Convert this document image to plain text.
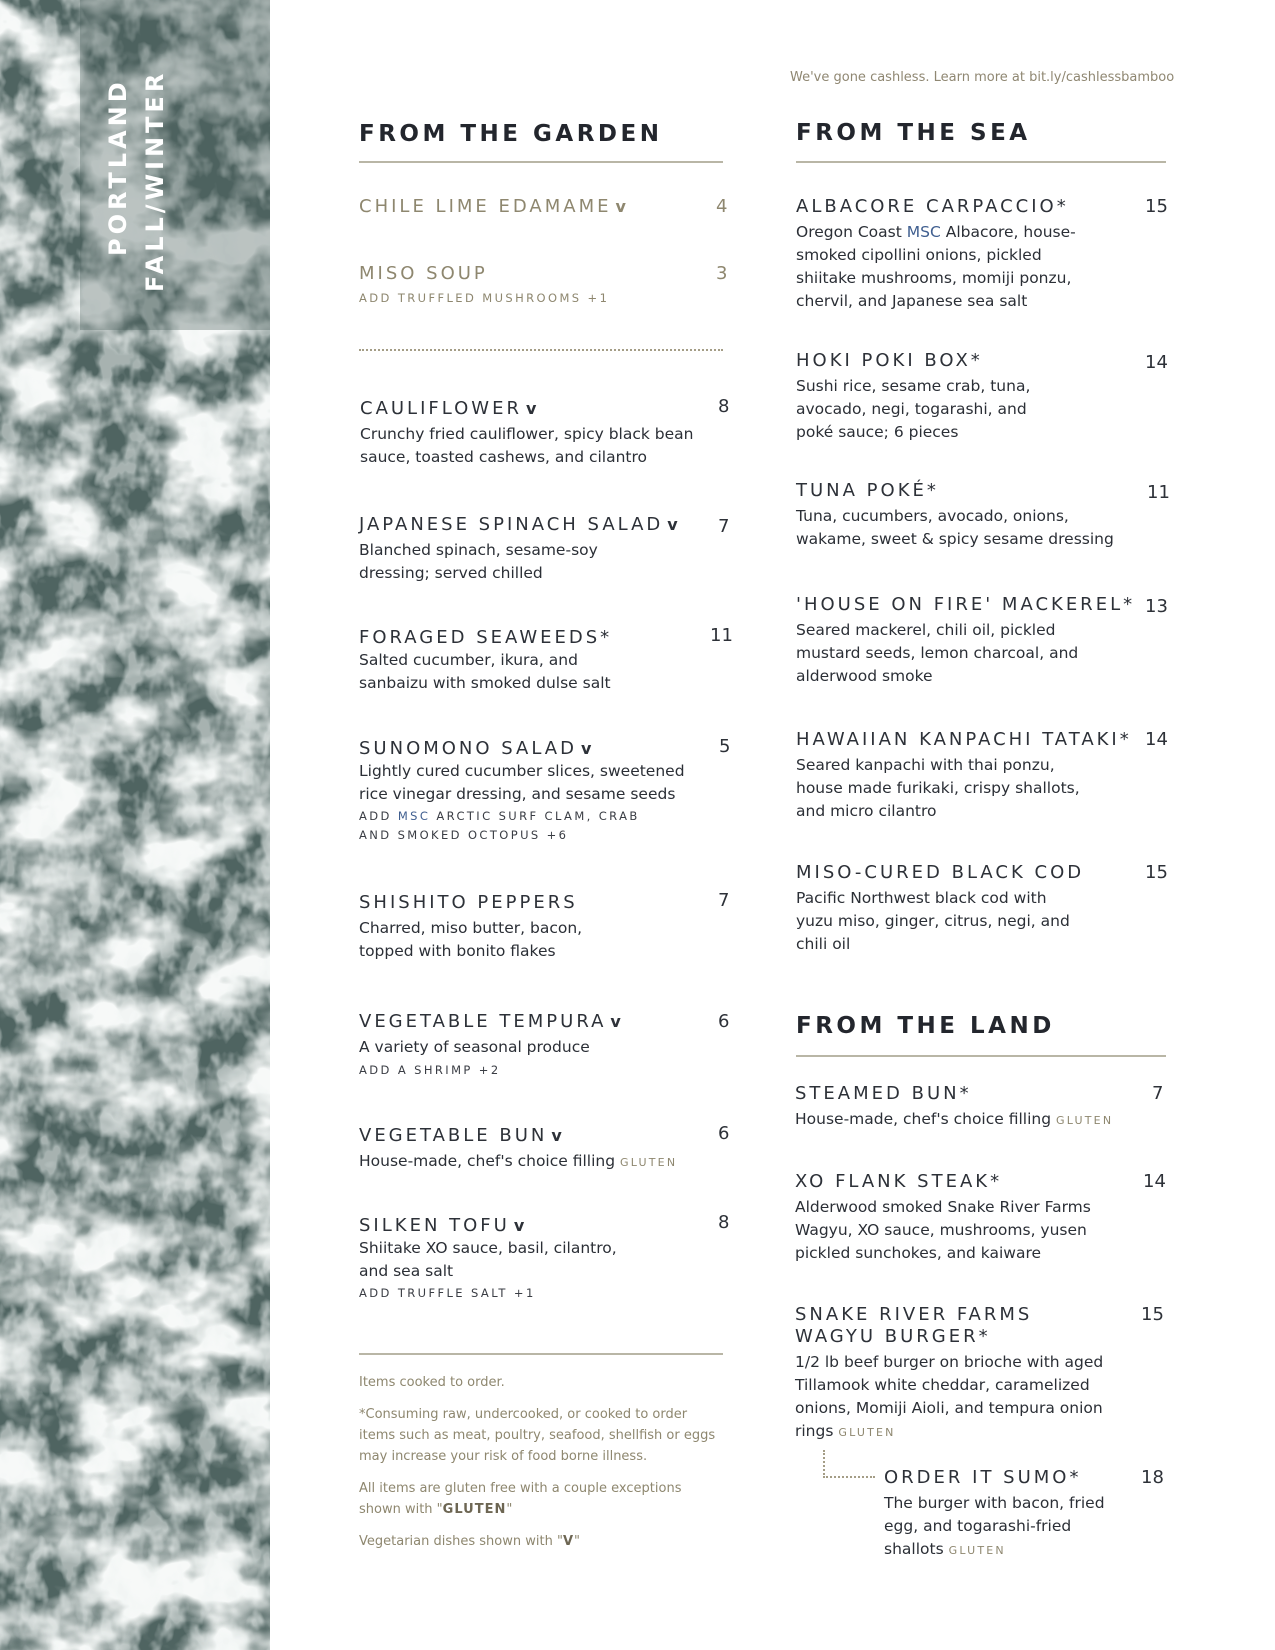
PORTLAND FALL/WINTER	We've gone cashless. Learn more at bit.ly/cashlessbamboo
FROM THE GARDEN
CHILE LIME EDAMAME v	4
MISO SOUP
ADD TRUFFLED MUSHROOMS +1
3
CAULIFLOWER v
Crunchy fried cauliflower, spicy black bean sauce, toasted cashews, and cilantro
8
JAPANESE SPINACH SALAD v
Blanched spinach, sesame-soy
dressing; served chilled
7
FORAGED SEAWEEDS*
Salted cucumber, ikura, and
sanbaizu with smoked dulse salt
11
SUNOMONO SALAD v
Lightly cured cucumber slices, sweetened
rice vinegar dressing, and sesame seeds
ADD MSC ARCTIC SURF CLAM, CRAB
AND SMOKED OCTOPUS +6
5
SHISHITO PEPPERS
Charred, miso butter, bacon,
topped with bonito flakes
7
VEGETABLE TEMPURA v
A variety of seasonal produce
ADD A SHRIMP +2
6
VEGETABLE BUN v
House-made, chef's choice filling GLUTEN
6
SILKEN TOFU v
Shiitake XO sauce, basil, cilantro,
and sea salt
ADD TRUFFLE SALT +1
8
Items cooked to order.
*Consuming raw, undercooked, or cooked to order items such as meat, poultry, seafood, shellfish or eggs may increase your risk of food borne illness.
All items are gluten free with a couple exceptions shown with "GLUTEN"
Vegetarian dishes shown with "V"
FROM THE SEA
ALBACORE CARPACCIO*
Oregon Coast MSC Albacore, house-smoked cipollini onions, pickled shiitake mushrooms, momiji ponzu, chervil, and Japanese sea salt
15
HOKI POKI BOX*
Sushi rice, sesame crab, tuna, avocado, negi, togarashi, and poké sauce; 6 pieces
14
TUNA POKÉ*
Tuna, cucumbers, avocado, onions, wakame, sweet & spicy sesame dressing
11
'HOUSE ON FIRE' MACKEREL*
Seared mackerel, chili oil, pickled mustard seeds, lemon charcoal, and alderwood smoke
13
HAWAIIAN KANPACHI TATAKI*
Seared kanpachi with thai ponzu, house made furikaki, crispy shallots, and micro cilantro
14
MISO-CURED BLACK COD
Pacific Northwest black cod with yuzu miso, ginger, citrus, negi, and chili oil
15
FROM THE LAND
STEAMED BUN*
House-made, chef's choice filling GLUTEN
7
XO FLANK STEAK*
Alderwood smoked Snake River Farms Wagyu, XO sauce, mushrooms, yusen pickled sunchokes, and kaiware
14
SNAKE RIVER FARMS
WAGYU BURGER*
1/2 lb beef burger on brioche with aged Tillamook white cheddar, caramelized onions, Momiji Aioli, and tempura onion rings GLUTEN
15
ORDER IT SUMO*
The burger with bacon, fried egg, and togarashi-fried shallots GLUTEN
18
